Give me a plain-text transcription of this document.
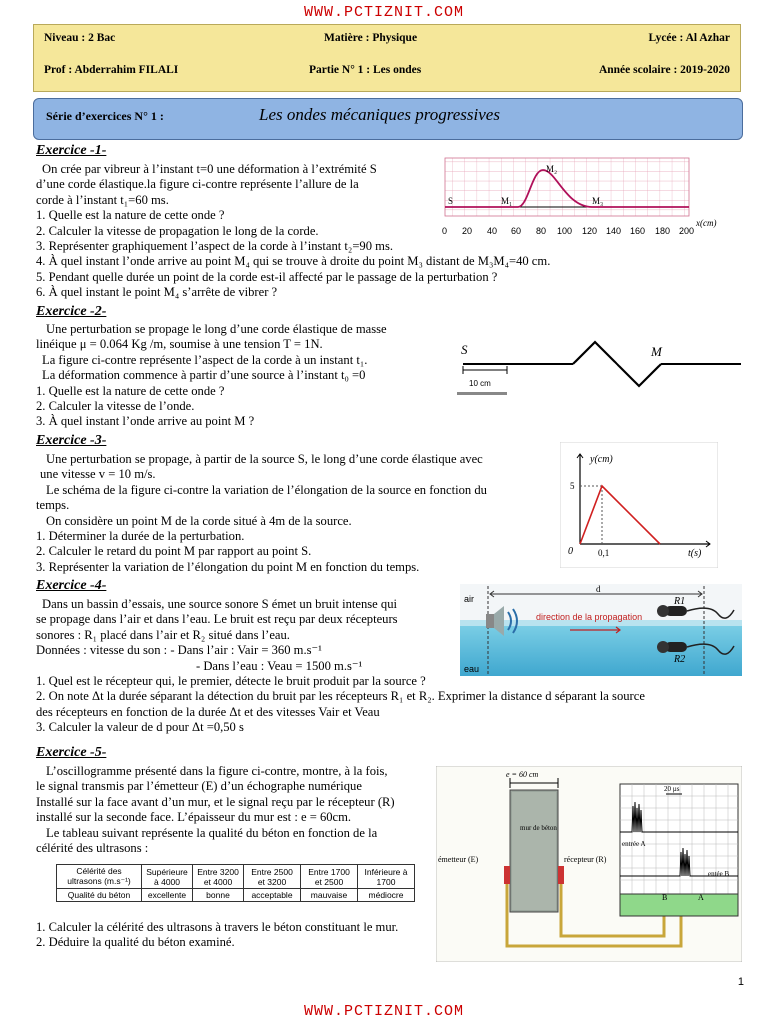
WWW.PCTIZNIT.COM
Niveau : 2 Bac	Matière : Physique	Lycée : Al Azhar
Prof : Abderrahim FILALI	Partie N° 1 : Les ondes	Année scolaire : 2019-2020
Série d’exercices N° 1 :	Les ondes mécaniques progressives
Exercice -1-
On crée par vibreur à l’instant t=0 une déformation à l’extrémité S
d’une corde élastique.la figure ci-contre représente l’allure de la
corde à l’instant t₁=60 ms.
1. Quelle est la nature de cette onde ?
2. Calculer la vitesse de propagation le long de la corde.
3. Représenter graphiquement l’aspect de la corde à l’instant t₂=90 ms.
4. À quel instant l’onde arrive au point M₄ qui se trouve à droite du point M₃ distant de M₃M₄=40 cm.
5. Pendant quelle durée un point de la corde est-il affecté par le passage de la perturbation ?
6. À quel instant le point M₄ s’arrête de vibrer ?
S	M₁
M₂
M₃
x(cm)
0 20 40 60 80 100 120 140 160 180 200
Exercice -2-
Une perturbation se propage le long d’une corde élastique de masse
linéique μ = 0.064 Kg /m, soumise à une tension T = 1N.
La figure ci-contre représente l’aspect de la corde à un instant t₁.
La déformation commence à partir d’une source à l’instant t₀ =0
1. Quelle est la nature de cette onde ?
2. Calculer la vitesse de l’onde.
3. À quel instant l’onde arrive au point M ?
S	M
10 cm
Exercice -3-
Une perturbation se propage, à partir de la source S, le long d’une corde élastique avec
une vitesse v = 10 m/s.
Le schéma de la figure ci-contre la variation de l’élongation de la source en fonction du
temps.
On considère un point M de la corde situé à 4m de la source.
1. Déterminer la durée de la perturbation.
2. Calculer le retard du point M par rapport au point S.
3. Représenter la variation de l’élongation du point M en fonction du temps.
y(cm)
t(s)
5
0	0,1
Exercice -4-
Dans un bassin d’essais, une source sonore S émet un bruit intense qui
se propage dans l’air et dans l’eau. Le bruit est reçu par deux récepteurs
sonores : R₁ placé dans l’air et R₂ situé dans l’eau.
Données : vitesse du son : - Dans l’air : Vair = 360 m.s⁻¹
- Dans l’eau : Veau = 1500 m.s⁻¹
1. Quel est le récepteur qui, le premier, détecte le bruit produit par la source ?
2. On note Δt la durée séparant la détection du bruit par les récepteurs R₁ et R₂. Exprimer la distance d séparant la source
des récepteurs en fonction de la durée Δt et des vitesses Vair et Veau
3. Calculer la valeur de d pour Δt =0,50 s
d
air
eau
direction de la propagation
R1
R2
Exercice -5-
L’oscillogramme présenté dans la figure ci-contre, montre, à la fois,
le signal transmis par l’émetteur (E) d’un échographe numérique
Installé sur la face avant d’un mur, et le signal reçu par le récepteur (R)
installé sur la seconde face. L’épaisseur du mur est : e = 60cm.
Le tableau suivant représente la qualité du béton en fonction de la
célérité des ultrasons :
Célérité des ultrasons (m.s⁻¹)	Supérieure à 4000	Entre 3200 et 4000	Entre 2500 et 3200	Entre 1700 et 2500	Inférieure à 1700
Qualité du béton	excellente	bonne	acceptable	mauvaise	médiocre
1. Calculer la célérité des ultrasons à travers le béton constituant le mur.
2. Déduire la qualité du béton examiné.
e = 60 cm
mur de béton
émetteur (E)	récepteur (R)
20 µs
entrée A
entée B
B	A
1
WWW.PCTIZNIT.COM
